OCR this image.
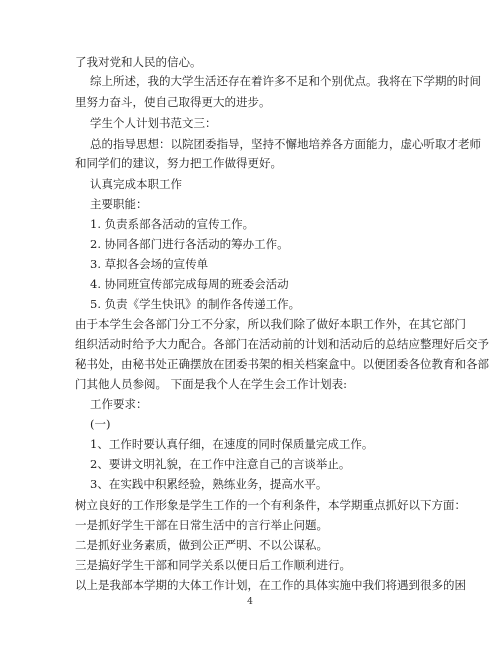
了我对党和人民的信心。
综上所述，我的大学生活还存在着许多不足和个别优点。我将在下学期的时间
里努力奋斗，使自己取得更大的进步。
学生个人计划书范文三：
总的指导思想：以院团委指导，坚持不懈地培养各方面能力，虚心听取才老师
和同学们的建议，努力把工作做得更好。
认真完成本职工作
主要职能：
1. 负责系部各活动的宣传工作。
2. 协同各部门进行各活动的筹办工作。
3. 草拟各会场的宣传单
4. 协同班宣传部完成每周的班委会活动
5. 负责《学生快讯》的制作各传递工作。
由于本学生会各部门分工不分家，所以我们除了做好本职工作外，在其它部门
组织活动时给予大力配合。各部门在活动前的计划和活动后的总结应整理好后交予
秘书处，由秘书处正确摆放在团委书架的相关档案盒中。以便团委各位教育和各部
门其他人员参阅。 下面是我个人在学生会工作计划表:
工作要求：
(一)
1、工作时要认真仔细，在速度的同时保质量完成工作。
2、要讲文明礼貌，在工作中注意自己的言谈举止。
3、在实践中积累经验，熟练业务，提高水平。
树立良好的工作形象是学生工作的一个有利条件，本学期重点抓好以下方面：
一是抓好学生干部在日常生活中的言行举止问题。
二是抓好业务素质，做到公正严明、不以公谋私。
三是搞好学生干部和同学关系以便日后工作顺利进行。
以上是我部本学期的大体工作计划，在工作的具体实施中我们将遇到很多的困
4
